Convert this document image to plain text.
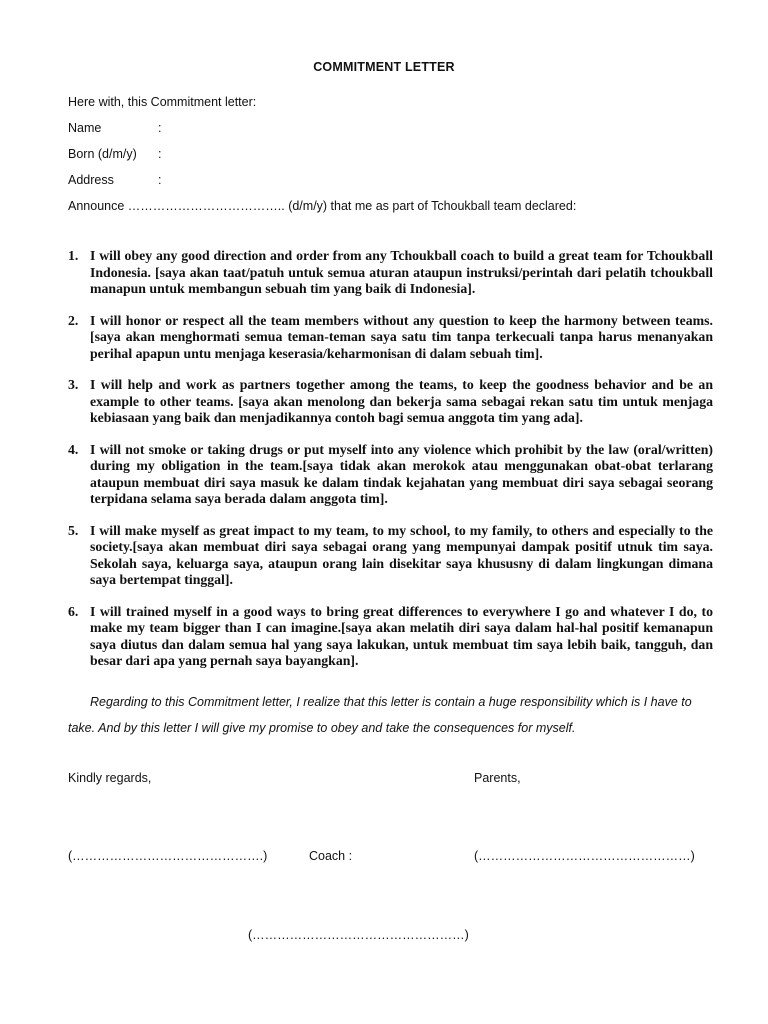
COMMITMENT LETTER
Here with, this Commitment letter:
Name	:
Born (d/m/y) :
Address	:
Announce ……………………………….. (d/m/y) that me as part of Tchoukball team declared:
1. I will obey any good direction and order from any Tchoukball coach to build a great team for Tchoukball Indonesia. [saya akan taat/patuh untuk semua aturan ataupun instruksi/perintah dari pelatih tchoukball manapun untuk membangun sebuah tim yang baik di Indonesia].
2. I will honor or respect all the team members without any question to keep the harmony between teams. [saya akan menghormati semua teman-teman saya satu tim tanpa terkecuali tanpa harus menanyakan perihal apapun untu menjaga keserasia/keharmonisan di dalam sebuah tim].
3. I will help and work as partners together among the teams, to keep the goodness behavior and be an example to other teams. [saya akan menolong dan bekerja sama sebagai rekan satu tim untuk menjaga kebiasaan yang baik dan menjadikannya contoh bagi semua anggota tim yang ada].
4. I will not smoke or taking drugs or put myself into any violence which prohibit by the law (oral/written) during my obligation in the team.[saya tidak akan merokok atau menggunakan obat-obat terlarang ataupun membuat diri saya masuk ke dalam tindak kejahatan yang membuat diri saya sebagai seorang terpidana selama saya berada dalam anggota tim].
5. I will make myself as great impact to my team, to my school, to my family, to others and especially to the society.[saya akan membuat diri saya sebagai orang yang mempunyai dampak positif utnuk tim saya. Sekolah saya, keluarga saya, ataupun orang lain disekitar saya khususny di dalam lingkungan dimana saya bertempat tinggal].
6. I will trained myself in a good ways to bring great differences to everywhere I go and whatever I do, to make my team bigger than I can imagine.[saya akan melatih diri saya dalam hal-hal positif kemanapun saya diutus dan dalam semua hal yang saya lakukan, untuk membuat tim saya lebih baik, tangguh, dan besar dari apa yang pernah saya bayangkan].
Regarding to this Commitment letter, I realize that this letter is contain a huge responsibility which is I have to take. And by this letter I will give my promise to obey and take the consequences for myself.
Kindly regards,	Parents,
(……………………………………….)	Coach :	(……………………………………………)
(……………………………………………)
